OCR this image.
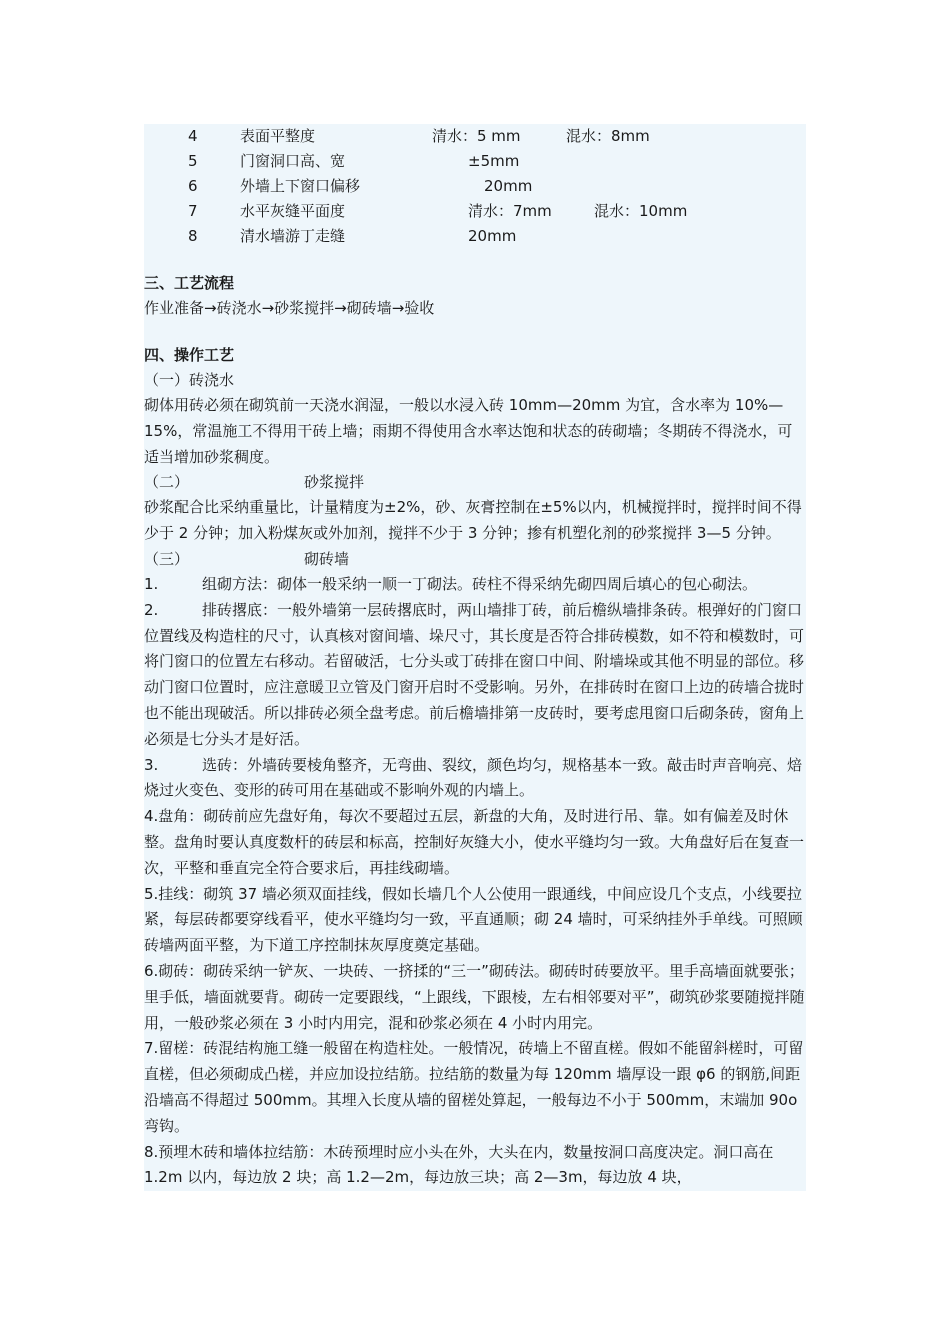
4	表面平整度	清水：5 mm	混水：8mm
5	门窗洞口高、宽	±5mm
6	外墙上下窗口偏移	20mm
7	水平灰缝平面度	清水：7mm	混水：10mm
8	清水墙游丁走缝	20mm
三、工艺流程
作业准备→砖浇水→砂浆搅拌→砌砖墙→验收
四、操作工艺
（一）砖浇水

砌体用砖必须在砌筑前一天浇水润湿，一般以水浸入砖 10mm—20mm 为宜，含水率为 10%—15%，常温施工不得用干砖上墙；雨期不得使用含水率达饱和状态的砖砌墙；冬期砖不得浇水，可适当增加砂浆稠度。

（二）	砂浆搅拌

砂浆配合比采纳重量比，计量精度为±2%，砂、灰膏控制在±5%以内，机械搅拌时，搅拌时间不得少于 2 分钟；加入粉煤灰或外加剂，搅拌不少于 3 分钟；掺有机塑化剂的砂浆搅拌 3—5 分钟。

（三）	砌砖墙
1.	组砌方法：砌体一般采纳一顺一丁砌法。砖柱不得采纳先砌四周后填心的包心砌法。
2.	排砖撂底：一般外墙第一层砖撂底时，两山墙排丁砖，前后檐纵墙排条砖。根弹好的门窗口位置线及构造柱的尺寸，认真核对窗间墙、垛尺寸，其长度是否符合排砖模数，如不符和模数时，可将门窗口的位置左右移动。若留破活，七分头或丁砖排在窗口中间、附墙垛或其他不明显的部位。移动门窗口位置时，应注意暖卫立管及门窗开启时不受影响。另外，在排砖时在窗口上边的砖墙合拢时也不能出现破活。所以排砖必须全盘考虑。前后檐墙排第一皮砖时，要考虑甩窗口后砌条砖，窗角上必须是七分头才是好活。
3.	选砖：外墙砖要棱角整齐，无弯曲、裂纹，颜色均匀，规格基本一致。敲击时声音响亮、焙烧过火变色、变形的砖可用在基础或不影响外观的内墙上。
4.盘角：砌砖前应先盘好角，每次不要超过五层，新盘的大角，及时进行吊、靠。如有偏差及时休整。盘角时要认真度数杆的砖层和标高，控制好灰缝大小，使水平缝均匀一致。大角盘好后在复查一次，平整和垂直完全符合要求后，再挂线砌墙。
5.挂线：砌筑 37 墙必须双面挂线，假如长墙几个人公使用一跟通线，中间应设几个支点，小线要拉紧，每层砖都要穿线看平，使水平缝均匀一致，平直通顺；砌 24 墙时，可采纳挂外手单线。可照顾砖墙两面平整，为下道工序控制抹灰厚度奠定基础。
6.砌砖：砌砖采纳一铲灰、一块砖、一挤揉的“三一”砌砖法。砌砖时砖要放平。里手高墙面就要张；里手低，墙面就要背。砌砖一定要跟线，“上跟线，下跟棱，左右相邻要对平”，砌筑砂浆要随搅拌随用，一般砂浆必须在 3 小时内用完，混和砂浆必须在 4 小时内用完。
7.留槎：砖混结构施工缝一般留在构造柱处。一般情况，砖墙上不留直槎。假如不能留斜槎时，可留直槎，但必须砌成凸槎，并应加设拉结筋。拉结筋的数量为每 120mm 墙厚设一跟 φ6 的钢筋,间距沿墙高不得超过 500mm。其埋入长度从墙的留槎处算起，一般每边不小于 500mm，末端加 90o 弯钩。
8.预埋木砖和墙体拉结筋：木砖预埋时应小头在外，大头在内，数量按洞口高度决定。洞口高在 1.2m 以内，每边放 2 块；高 1.2—2m，每边放三块；高 2—3m，每边放 4 块，
